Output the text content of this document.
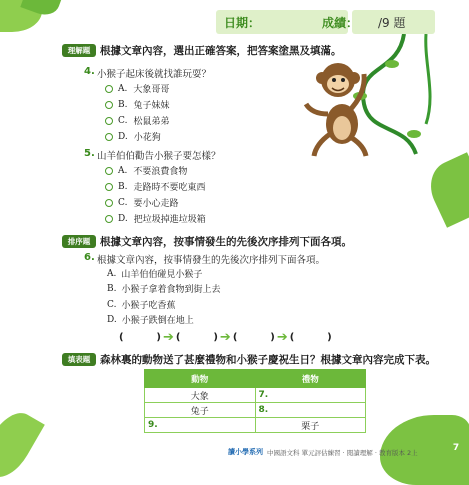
日期：	成績： /9 題
理解題 根據文章內容，選出正確答案，把答案塗黑及填滿。
4. 小猴子起床後就找誰玩耍？
A. 大象哥哥
B. 兔子妹妹
C. 松鼠弟弟
D. 小花狗
5. 山羊伯伯勸告小猴子要怎樣？
A. 不要浪費食物
B. 走路時不要吃東西
C. 要小心走路
D. 把垃圾掉進垃圾箱
排序題 根據文章內容，按事情發生的先後次序排列下面各項。
6. 根據文章內容，按事情發生的先後次序排列下面各項。
A. 山羊伯伯碰見小猴子
B. 小猴子拿着食物到街上去
C. 小猴子吃香蕉
D. 小猴子跌倒在地上
(	) ➔ (	) ➔ (	) ➔ (	)
填表題 森林裏的動物送了甚麼禮物和小猴子慶祝生日？根據文章內容完成下表。
動物	禮物
大象	7.
兔子	8.
9.	栗子
讀小學系列 中國語文科 單元評估練習 ‧ 閱讀理解 ‧ 教育版本 2上	7
